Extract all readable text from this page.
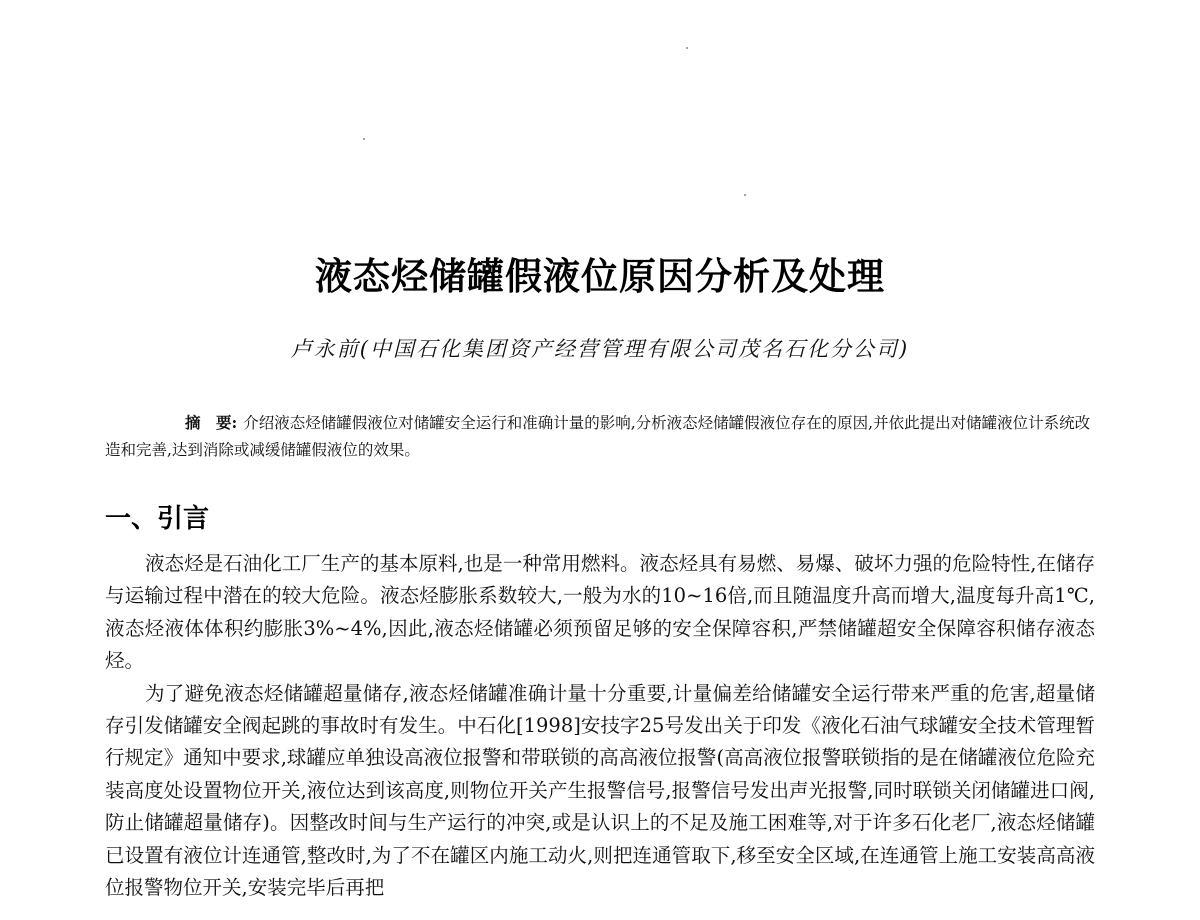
液态烃储罐假液位原因分析及处理
卢永前(中国石化集团资产经营管理有限公司茂名石化分公司)
摘　要: 介绍液态烃储罐假液位对储罐安全运行和准确计量的影响,分析液态烃储罐假液位存在的原因,并依此提出对储罐液位计系统改造和完善,达到消除或减缓储罐假液位的效果。
一、引言

液态烃是石油化工厂生产的基本原料,也是一种常用燃料。液态烃具有易燃、易爆、破坏力强的危险特性,在储存与运输过程中潜在的较大危险。液态烃膨胀系数较大,一般为水的10~16倍,而且随温度升高而增大,温度每升高1℃,液态烃液体体积约膨胀3%~4%,因此,液态烃储罐必须预留足够的安全保障容积,严禁储罐超安全保障容积储存液态烃。

为了避免液态烃储罐超量储存,液态烃储罐准确计量十分重要,计量偏差给储罐安全运行带来严重的危害,超量储存引发储罐安全阀起跳的事故时有发生。中石化[1998]安技字25号发出关于印发《液化石油气球罐安全技术管理暂行规定》通知中要求,球罐应单独设高液位报警和带联锁的高高液位报警(高高液位报警联锁指的是在储罐液位危险充装高度处设置物位开关,液位达到该高度,则物位开关产生报警信号,报警信号发出声光报警,同时联锁关闭储罐进口阀,防止储罐超量储存)。因整改时间与生产运行的冲突,或是认识上的不足及施工困难等,对于许多石化老厂,液态烃储罐已设置有液位计连通管,整改时,为了不在罐区内施工动火,则把连通管取下,移至安全区域,在连通管上施工安装高高液位报警物位开关,安装完毕后再把
